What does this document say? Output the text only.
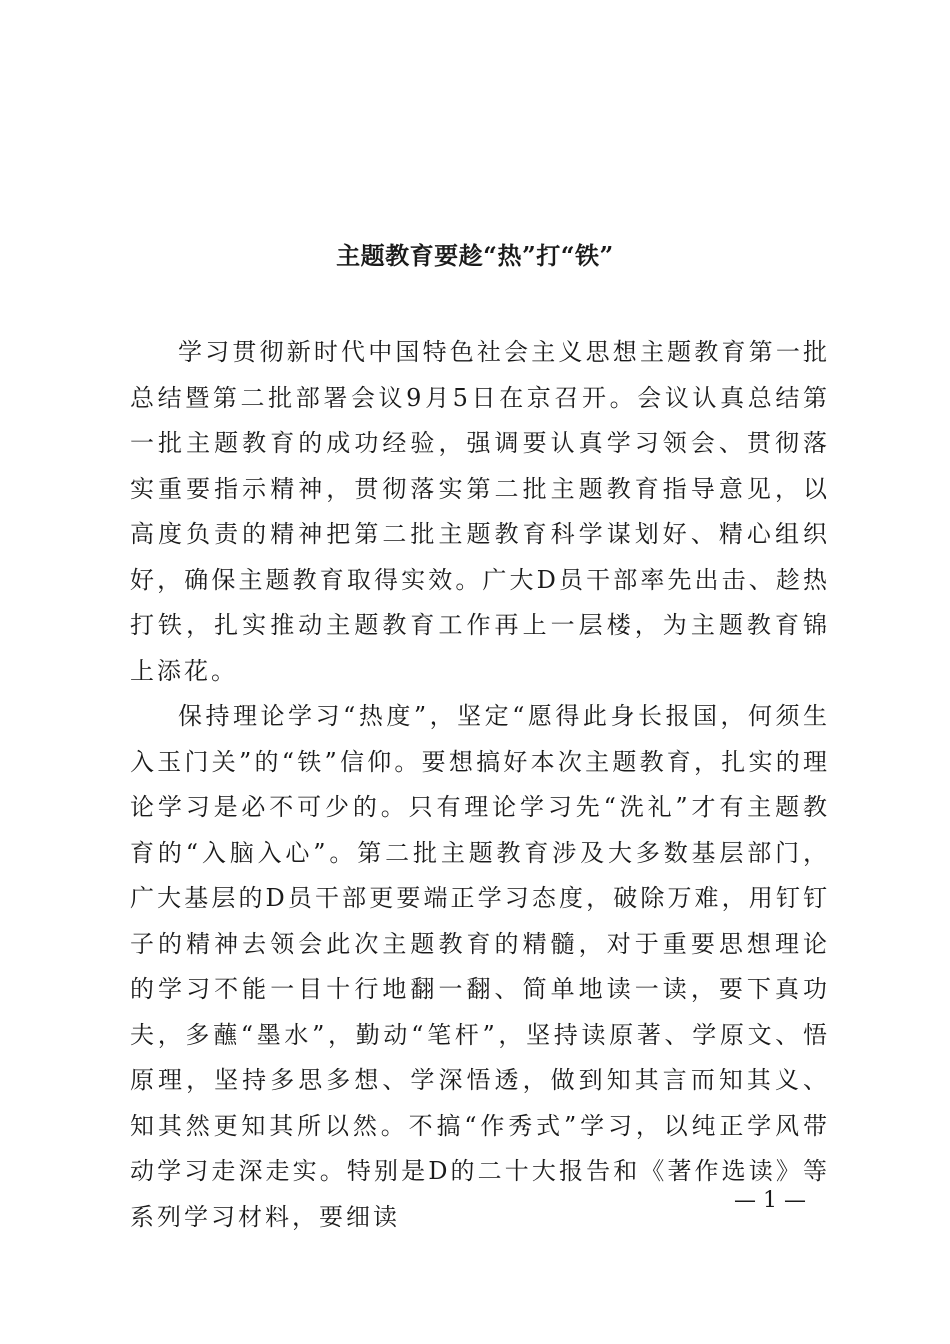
主题教育要趁“热”打“铁”

学习贯彻新时代中国特色社会主义思想主题教育第一批总结暨第二批部署会议9月5日在京召开。会议认真总结第一批主题教育的成功经验，强调要认真学习领会、贯彻落实重要指示精神，贯彻落实第二批主题教育指导意见，以高度负责的精神把第二批主题教育科学谋划好、精心组织好，确保主题教育取得实效。广大D员干部率先出击、趁热打铁，扎实推动主题教育工作再上一层楼，为主题教育锦上添花。

保持理论学习“热度”，坚定“愿得此身长报国，何须生入玉门关”的“铁”信仰。要想搞好本次主题教育，扎实的理论学习是必不可少的。只有理论学习先“洗礼”才有主题教育的“入脑入心”。第二批主题教育涉及大多数基层部门，广大基层的D员干部更要端正学习态度，破除万难，用钉钉子的精神去领会此次主题教育的精髓，对于重要思想理论的学习不能一目十行地翻一翻、简单地读一读，要下真功夫，多蘸“墨水”，勤动“笔杆”，坚持读原著、学原文、悟原理，坚持多思多想、学深悟透，做到知其言而知其义、知其然更知其所以然。不搞“作秀式”学习，以纯正学风带动学习走深走实。特别是D的二十大报告和《著作选读》等系列学习材料，要细读

— 1 —
